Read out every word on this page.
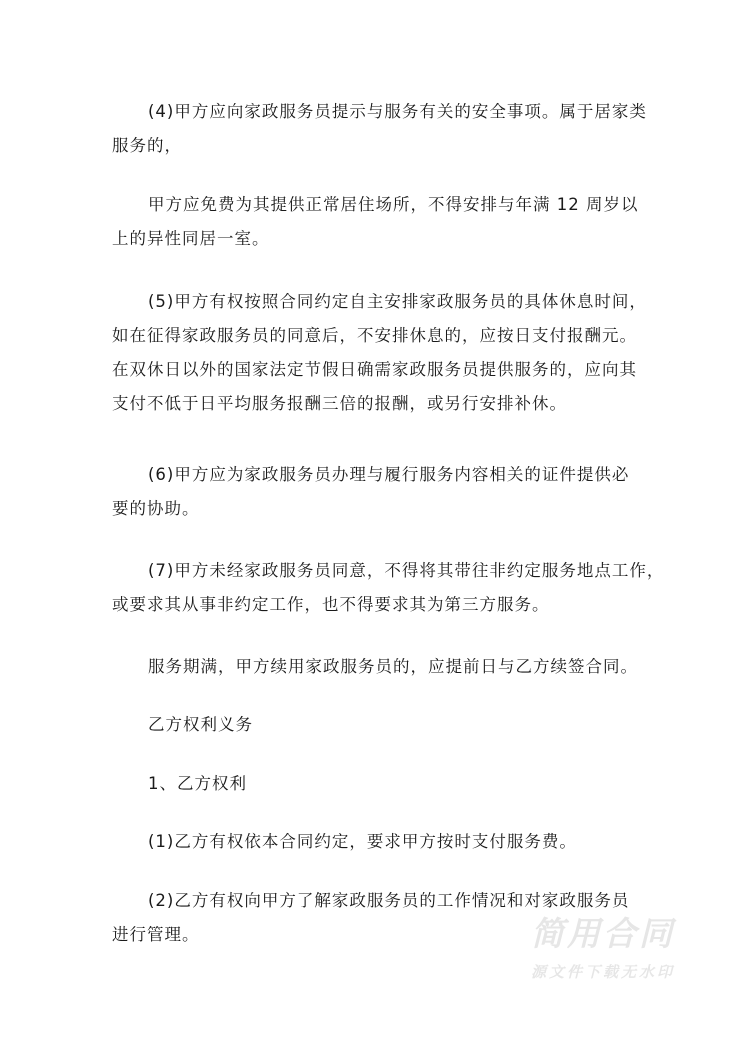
(4)甲方应向家政服务员提示与服务有关的安全事项。属于居家类
服务的，

甲方应免费为其提供正常居住场所，不得安排与年满 12 周岁以
上的异性同居一室。

(5)甲方有权按照合同约定自主安排家政服务员的具体休息时间，
如在征得家政服务员的同意后，不安排休息的，应按日支付报酬元。
在双休日以外的国家法定节假日确需家政服务员提供服务的，应向其
支付不低于日平均服务报酬三倍的报酬，或另行安排补休。

(6)甲方应为家政服务员办理与履行服务内容相关的证件提供必
要的协助。

(7)甲方未经家政服务员同意，不得将其带往非约定服务地点工作，
或要求其从事非约定工作，也不得要求其为第三方服务。

服务期满，甲方续用家政服务员的，应提前日与乙方续签合同。

乙方权利义务

1、乙方权利

(1)乙方有权依本合同约定，要求甲方按时支付服务费。

(2)乙方有权向甲方了解家政服务员的工作情况和对家政服务员
进行管理。	简用合同
源文件下载无水印
